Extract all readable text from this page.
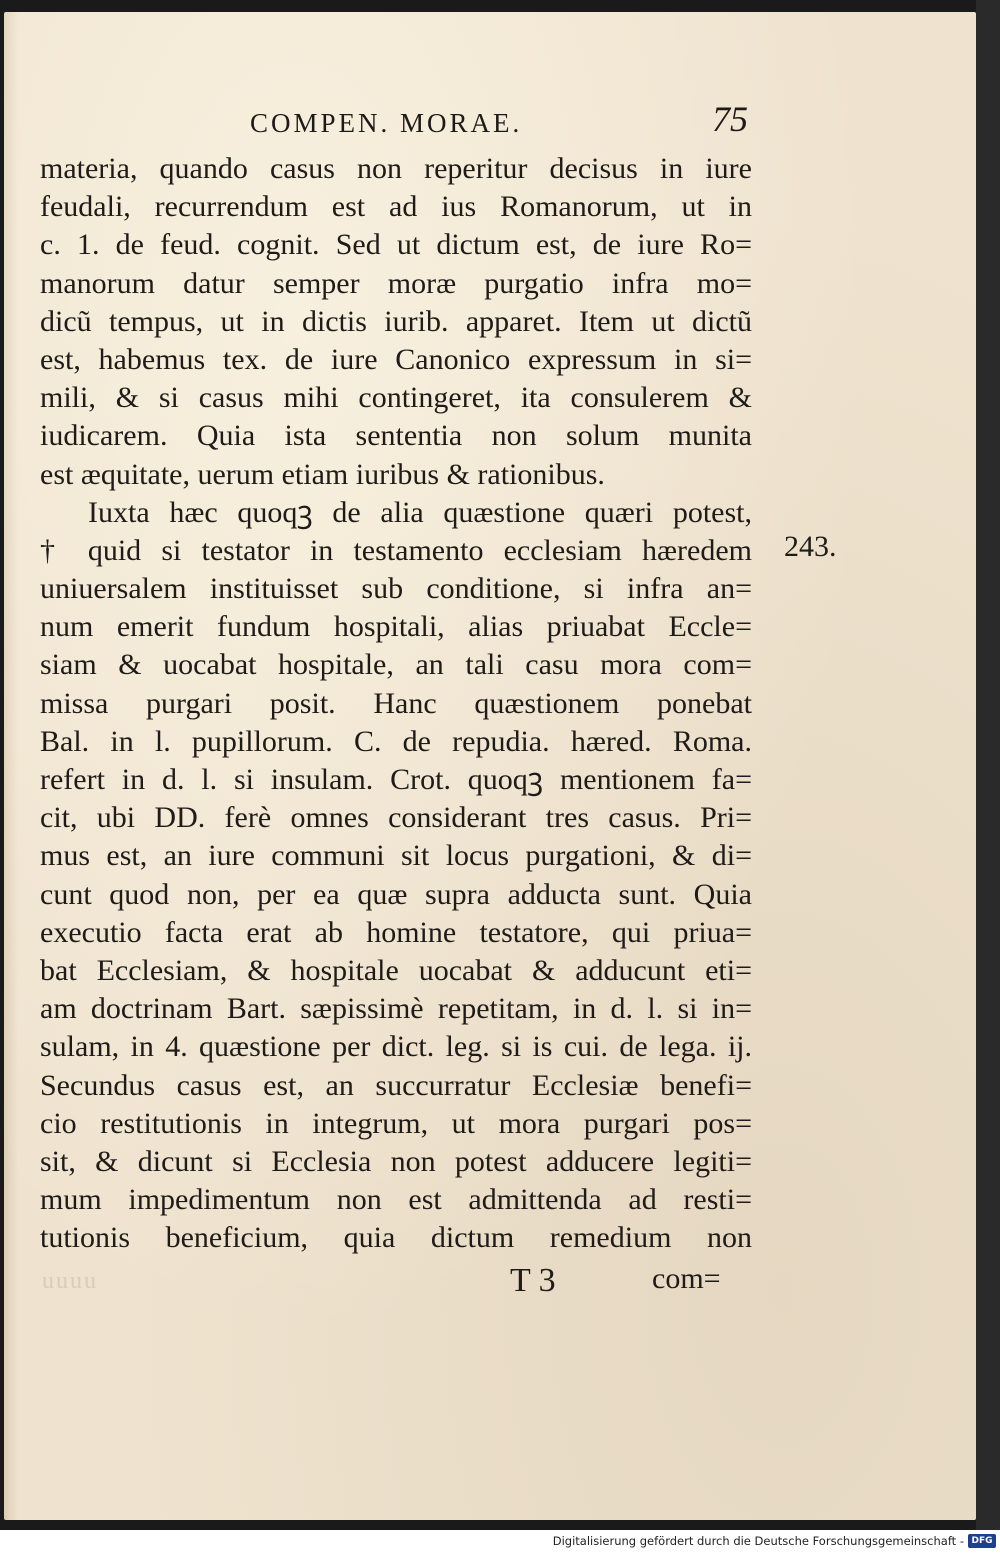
COMPEN. MORAE.	75
materia, quando casus non reperitur decisus in iure
feudali, recurrendum est ad ius Romanorum, ut in
c. 1. de feud. cognit. Sed ut dictum est, de iure Ro=
manorum datur semper moræ purgatio infra mo=
dicũ tempus, ut in dictis iurib. apparet. Item ut dictũ
est, habemus tex. de iure Canonico expressum in si=
mili, & si casus mihi contingeret, ita consulerem &
iudicarem. Quia ista sententia non solum munita
est æquitate, uerum etiam iuribus & rationibus.
Iuxta hæc quoqꝫ de alia quæstione quæri potest,
† quid si testator in testamento ecclesiam hæredem
uniuersalem instituisset sub conditione, si infra an=
num emerit fundum hospitali, alias priuabat Eccle=
siam & uocabat hospitale, an tali casu mora com=
missa purgari posit. Hanc quæstionem ponebat
Bal. in l. pupillorum. C. de repudia. hæred. Roma.
refert in d. l. si insulam. Crot. quoqꝫ mentionem fa=
cit, ubi DD. ferè omnes considerant tres casus. Pri=
mus est, an iure communi sit locus purgationi, & di=
cunt quod non, per ea quæ supra adducta sunt. Quia
executio facta erat ab homine testatore, qui priua=
bat Ecclesiam, & hospitale uocabat & adducunt eti=
am doctrinam Bart. sæpissimè repetitam, in d. l. si in=
sulam, in 4. quæstione per dict. leg. si is cui. de lega. ij.
Secundus casus est, an succurratur Ecclesiæ benefi=
cio restitutionis in integrum, ut mora purgari pos=
sit, & dicunt si Ecclesia non potest adducere legiti=
mum impedimentum non est admittenda ad resti=
tutionis beneficium, quia dictum remedium non
243.
uuuu	T 3	com=
Digitalisierung gefördert durch die Deutsche Forschungsgemeinschaft - DFG
